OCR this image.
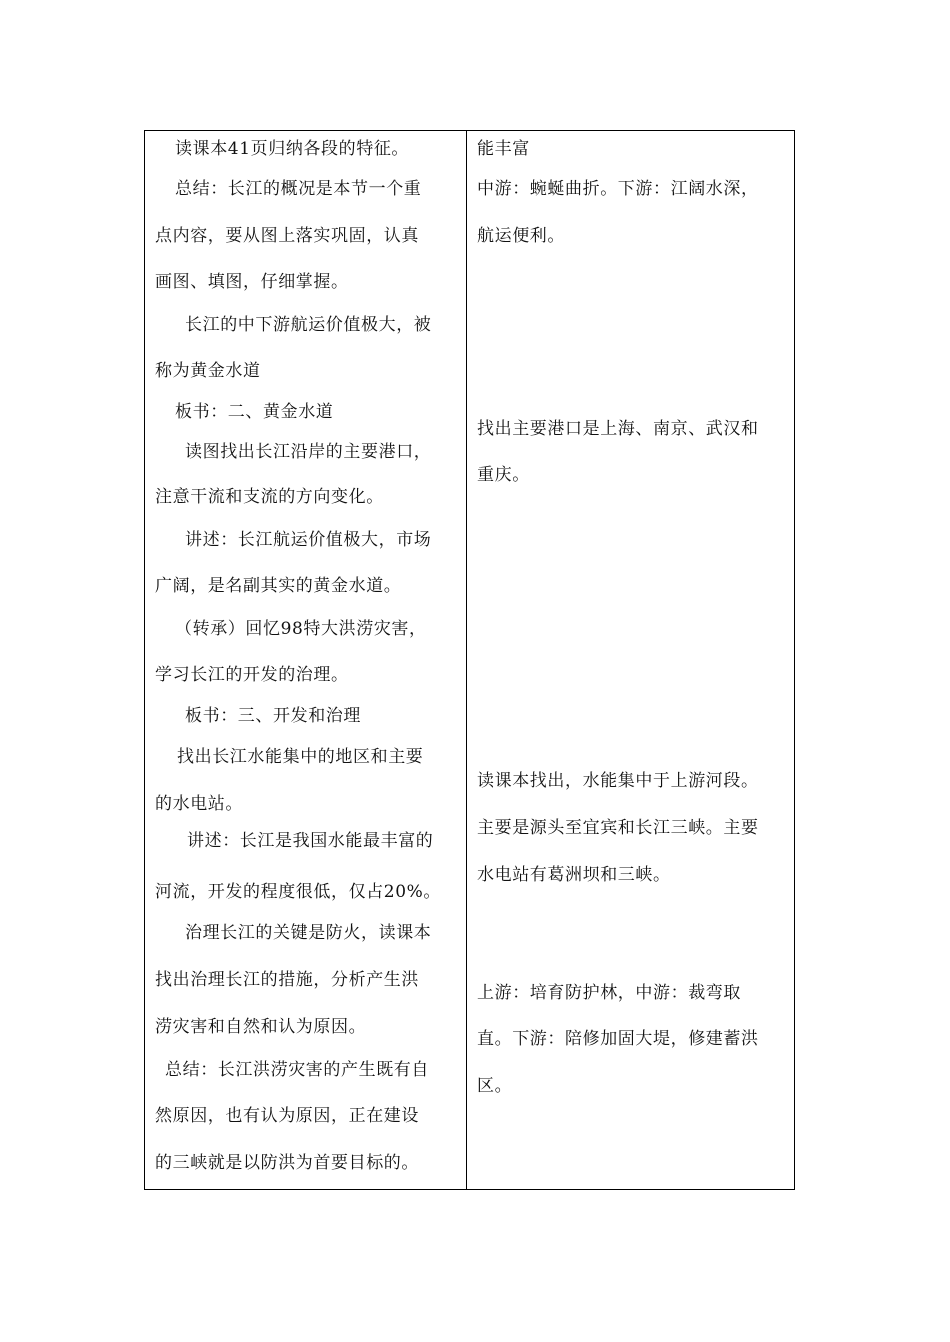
读课本41页归纳各段的特征。
总结：长江的概况是本节一个重
点内容，要从图上落实巩固，认真
画图、填图，仔细掌握。
长江的中下游航运价值极大，被
称为黄金水道
板书：二、黄金水道
读图找出长江沿岸的主要港口，
注意干流和支流的方向变化。
讲述：长江航运价值极大，市场
广阔，是名副其实的黄金水道。
（转承）回忆98特大洪涝灾害，
学习长江的开发的治理。
板书：三、开发和治理
找出长江水能集中的地区和主要
的水电站。
讲述：长江是我国水能最丰富的
河流，开发的程度很低，仅占20%。
治理长江的关键是防火，读课本
找出治理长江的措施，分析产生洪
涝灾害和自然和认为原因。
总结：长江洪涝灾害的产生既有自
然原因，也有认为原因，正在建设
的三峡就是以防洪为首要目标的。
能丰富
中游：蜿蜒曲折。下游：江阔水深，
航运便利。
找出主要港口是上海、南京、武汉和
重庆。
读课本找出，水能集中于上游河段。
主要是源头至宜宾和长江三峡。主要
水电站有葛洲坝和三峡。
上游：培育防护林，中游：裁弯取
直。下游：陪修加固大堤，修建蓄洪
区。
